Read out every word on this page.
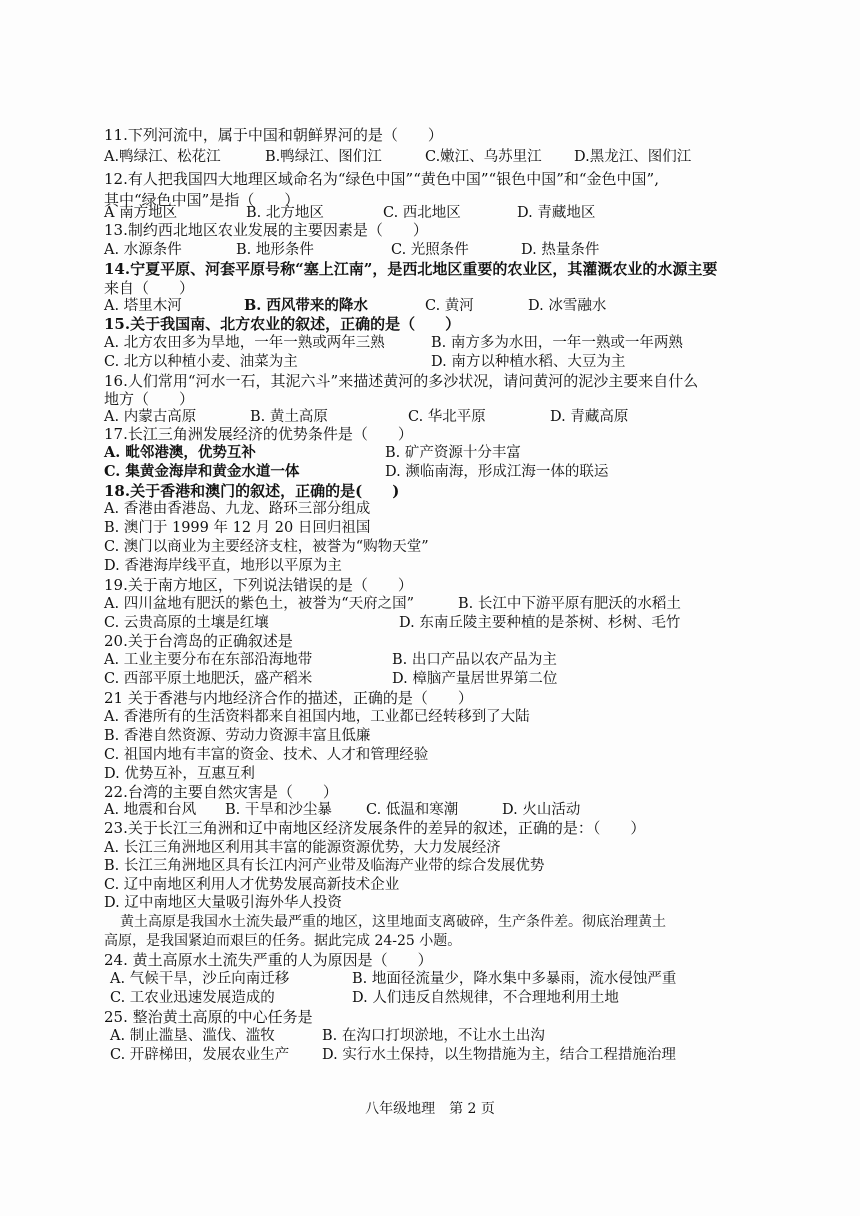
11.下列河流中，属于中国和朝鲜界河的是（　　）
A.鸭绿江、松花江	B.鸭绿江、图们江	C.嫩江、乌苏里江 D.黑龙江、图们江
12.有人把我国四大地理区域命名为“绿色中国”“黄色中国”“银色中国”和“金色中国”,
其中“绿色中国”是指（　　）
A 南方地区	B. 北方地区	C. 西北地区	D. 青藏地区
13.制约西北地区农业发展的主要因素是（　　）
A. 水源条件	B. 地形条件	C. 光照条件	D. 热量条件
14.宁夏平原、河套平原号称“塞上江南”，是西北地区重要的农业区，其灌溉农业的水源主要
来自（　　）
A. 塔里木河	B. 西风带来的降水	C. 黄河	D. 冰雪融水
15.关于我国南、北方农业的叙述，正确的是（　　）
A. 北方农田多为旱地，一年一熟或两年三熟	B. 南方多为水田，一年一熟或一年两熟
C. 北方以种植小麦、油菜为主	D. 南方以种植水稻、大豆为主
16.人们常用“河水一石，其泥六斗”来描述黄河的多沙状况，请问黄河的泥沙主要来自什么
地方（　　）
A. 内蒙古高原	B. 黄土高原	C. 华北平原	D. 青藏高原
17.长江三角洲发展经济的优势条件是（　　）
A. 毗邻港澳，优势互补	B. 矿产资源十分丰富
C. 集黄金海岸和黄金水道一体	D. 濒临南海，形成江海一体的联运
18.关于香港和澳门的叙述，正确的是(　　)
A. 香港由香港岛、九龙、路环三部分组成
B. 澳门于 1999 年 12 月 20 日回归祖国
C. 澳门以商业为主要经济支柱，被誉为“购物天堂”
D. 香港海岸线平直，地形以平原为主
19.关于南方地区，下列说法错误的是（　　）
A. 四川盆地有肥沃的紫色土，被誉为“天府之国”	B. 长江中下游平原有肥沃的水稻土
C. 云贵高原的土壤是红壤	D. 东南丘陵主要种植的是茶树、杉树、毛竹
20.关于台湾岛的正确叙述是
A. 工业主要分布在东部沿海地带	B. 出口产品以农产品为主
C. 西部平原土地肥沃，盛产稻米	D. 樟脑产量居世界第二位
21 关于香港与内地经济合作的描述，正确的是（　　）
A. 香港所有的生活资料都来自祖国内地，工业都已经转移到了大陆
B. 香港自然资源、劳动力资源丰富且低廉
C. 祖国内地有丰富的资金、技术、人才和管理经验
D. 优势互补，互惠互利
22.台湾的主要自然灾害是（　　）
A. 地震和台风 B. 干旱和沙尘暴 C. 低温和寒潮	D. 火山活动
23.关于长江三角洲和辽中南地区经济发展条件的差异的叙述，正确的是：（　　）
A. 长江三角洲地区利用其丰富的能源资源优势，大力发展经济
B. 长江三角洲地区具有长江内河产业带及临海产业带的综合发展优势
C. 辽中南地区利用人才优势发展高新技术企业
D. 辽中南地区大量吸引海外华人投资
黄土高原是我国水土流失最严重的地区，这里地面支离破碎，生产条件差。彻底治理黄土
高原，是我国紧迫而艰巨的任务。据此完成 24-25 小题。
24. 黄土高原水土流失严重的人为原因是（　　）
A. 气候干旱，沙丘向南迁移	B. 地面径流量少，降水集中多暴雨，流水侵蚀严重
C. 工农业迅速发展造成的	D. 人们违反自然规律，不合理地利用土地
25. 整治黄土高原的中心任务是
A. 制止滥垦、滥伐、滥牧	B. 在沟口打坝淤地，不让水土出沟
C. 开辟梯田，发展农业生产 D. 实行水土保持，以生物措施为主，结合工程措施治理
八年级地理　第 2 页
